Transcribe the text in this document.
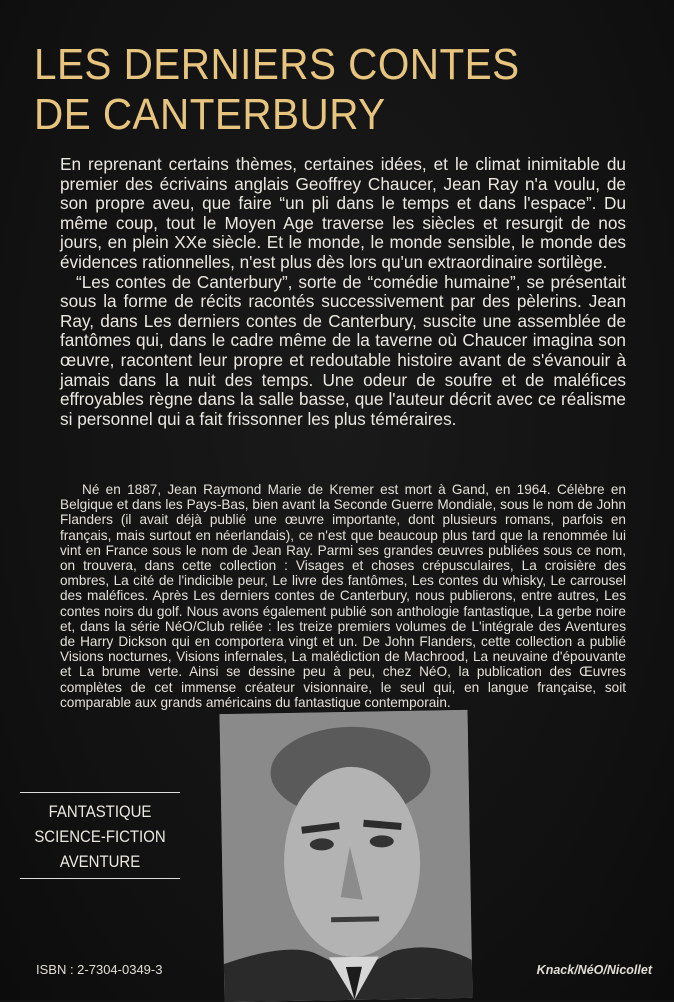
LES DERNIERS CONTES
DE CANTERBURY

En reprenant certains thèmes, certaines idées, et le climat inimitable du premier des écrivains anglais Geoffrey Chaucer, Jean Ray n'a voulu, de son propre aveu, que faire “un pli dans le temps et dans l'espace”. Du même coup, tout le Moyen Age traverse les siècles et resurgit de nos jours, en plein XXe siècle. Et le monde, le monde sensible, le monde des évidences rationnelles, n'est plus dès lors qu'un extraordinaire sortilège.

“Les contes de Canterbury”, sorte de “comédie humaine”, se présentait sous la forme de récits racontés successivement par des pèlerins. Jean Ray, dans Les derniers contes de Canterbury, suscite une assemblée de fantômes qui, dans le cadre même de la taverne où Chaucer imagina son œuvre, racontent leur propre et redoutable histoire avant de s'évanouir à jamais dans la nuit des temps. Une odeur de soufre et de maléfices effroyables règne dans la salle basse, que l'auteur décrit avec ce réalisme si personnel qui a fait frissonner les plus téméraires.

Né en 1887, Jean Raymond Marie de Kremer est mort à Gand, en 1964. Célèbre en Belgique et dans les Pays-Bas, bien avant la Seconde Guerre Mondiale, sous le nom de John Flanders (il avait déjà publié une œuvre importante, dont plusieurs romans, parfois en français, mais surtout en néerlandais), ce n'est que beaucoup plus tard que la renommée lui vint en France sous le nom de Jean Ray. Parmi ses grandes œuvres publiées sous ce nom, on trouvera, dans cette collection : Visages et choses crépusculaires, La croisière des ombres, La cité de l'indicible peur, Le livre des fantômes, Les contes du whisky, Le carrousel des maléfices. Après Les derniers contes de Canterbury, nous publierons, entre autres, Les contes noirs du golf. Nous avons également publié son anthologie fantastique, La gerbe noire et, dans la série NéO/Club reliée : les treize premiers volumes de L'intégrale des Aventures de Harry Dickson qui en comportera vingt et un. De John Flanders, cette collection a publié Visions nocturnes, Visions infernales, La malédiction de Machrood, La neuvaine d'épouvante et La brume verte. Ainsi se dessine peu à peu, chez NéO, la publication des Œuvres complètes de cet immense créateur visionnaire, le seul qui, en langue française, soit comparable aux grands américains du fantastique contemporain.
FANTASTIQUE
SCIENCE-FICTION
AVENTURE
ISBN : 2-7304-0349-3	Knack/NéO/Nicollet
